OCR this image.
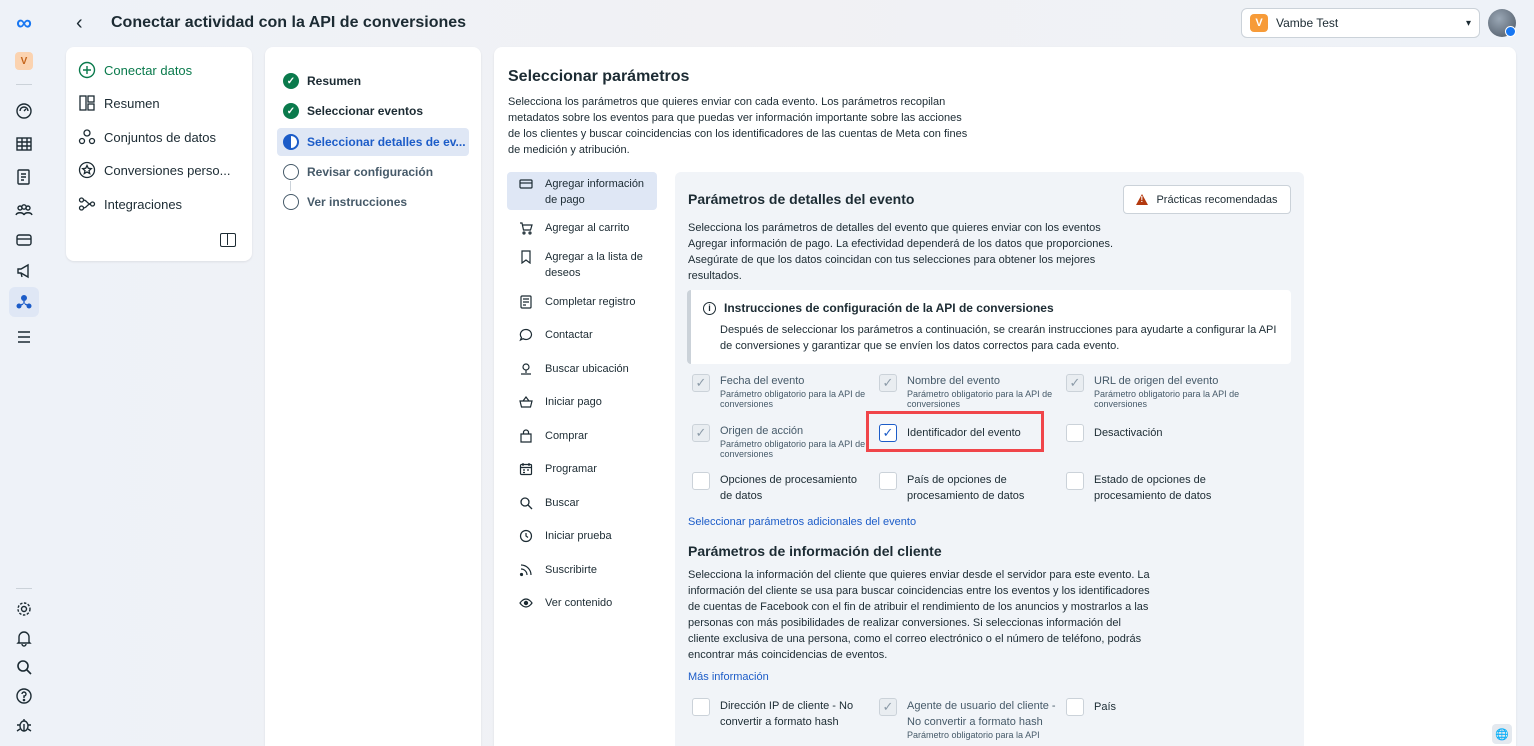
∞
V
‹ Conectar actividad con la API de conversiones	V	Vambe Test	▾
Conectar datos
Resumen
Conjuntos de datos
Conversiones perso...
Integraciones
✓ Resumen
✓ Seleccionar eventos
Seleccionar detalles de ev...
Revisar configuración
Ver instrucciones
Seleccionar parámetros
Selecciona los parámetros que quieres enviar con cada evento. Los parámetros recopilan metadatos sobre los eventos para que puedas ver información importante sobre las acciones de los clientes y buscar coincidencias con los identificadores de las cuentas de Meta con fines de medición y atribución.
Agregar información de pago
Agregar al carrito
Agregar a la lista de deseos
Completar registro
Contactar
Buscar ubicación
Iniciar pago
Comprar
Programar
Buscar
Iniciar prueba
Suscribirte
Ver contenido
Parámetros de detalles del evento
!	Prácticas recomendadas
Selecciona los parámetros de detalles del evento que quieres enviar con los eventos Agregar información de pago. La efectividad dependerá de los datos que proporciones. Asegúrate de que los datos coincidan con tus selecciones para obtener los mejores resultados.
i	Instrucciones de configuración de la API de conversiones
Después de seleccionar los parámetros a continuación, se crearán instrucciones para ayudarte a configurar la API de conversiones y garantizar que se envíen los datos correctos para cada evento.
✓	Fecha del evento
Parámetro obligatorio para la API de conversiones
✓	Nombre del evento
Parámetro obligatorio para la API de conversiones
✓	URL de origen del evento
Parámetro obligatorio para la API de conversiones
✓	Origen de acción
Parámetro obligatorio para la API de conversiones
✓	Identificador del evento	Desactivación
Opciones de procesamiento de datos
País de opciones de procesamiento de datos
Estado de opciones de procesamiento de datos
Seleccionar parámetros adicionales del evento
Parámetros de información del cliente
Selecciona la información del cliente que quieres enviar desde el servidor para este evento. La información del cliente se usa para buscar coincidencias entre los eventos y los identificadores de cuentas de Facebook con el fin de atribuir el rendimiento de los anuncios y mostrarlos a las personas con más posibilidades de realizar conversiones. Si seleccionas información del cliente exclusiva de una persona, como el correo electrónico o el número de teléfono, podrás encontrar más coincidencias de eventos.
Más información
Dirección IP de cliente - No convertir a formato hash
✓	Agente de usuario del cliente - No convertir a formato hash
Parámetro obligatorio para la API
País
🌐
